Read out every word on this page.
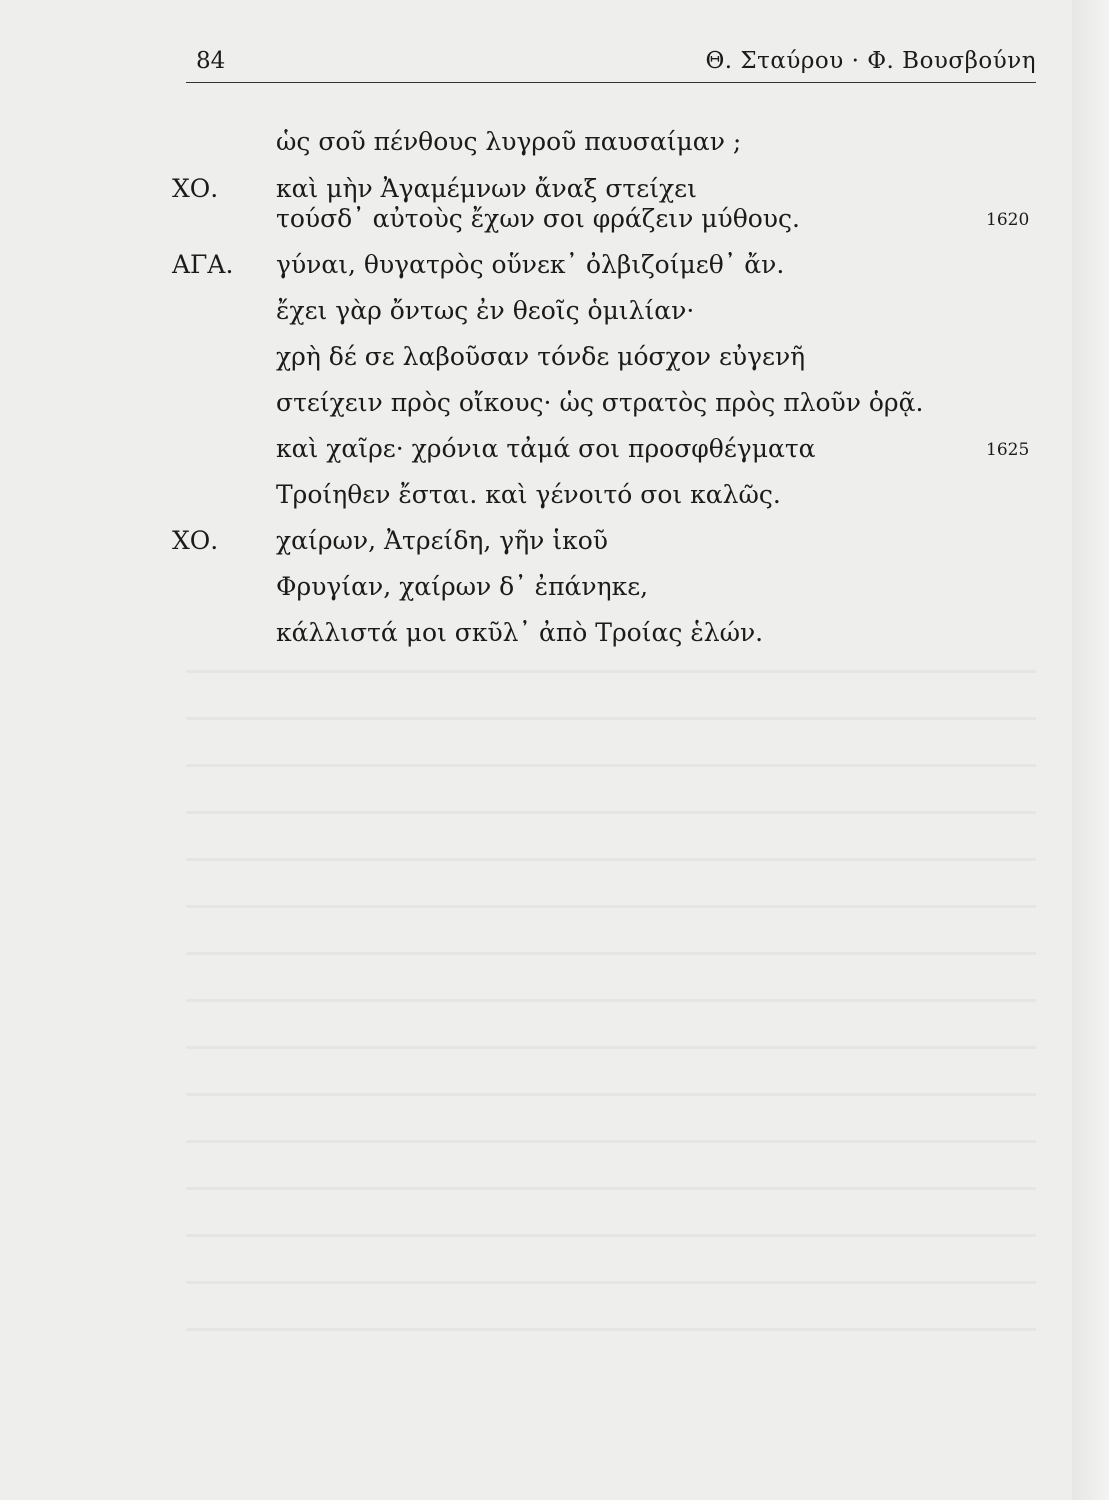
84	Θ. Σταύρου · Φ. Βουσβούνη
ὡς σοῦ πένθους λυγροῦ παυσαίμαν ;
ΧΟ. καὶ μὴν Ἀγαμέμνων ἄναξ στείχει
τούσδ᾽ αὐτοὺς ἔχων σοι φράζειν μύθους.	1620
ΑΓΑ. γύναι, θυγατρὸς οὕνεκ᾽ ὀλβιζοίμεθ᾽ ἄν.
ἔχει γὰρ ὄντως ἐν θεοῖς ὁμιλίαν·
χρὴ δέ σε λαβοῦσαν τόνδε μόσχον εὐγενῆ
στείχειν πρὸς οἴκους· ὡς στρατὸς πρὸς πλοῦν ὁρᾷ.
καὶ χαῖρε· χρόνια τἀμά σοι προσφθέγματα	1625
Τροίηθεν ἔσται. καὶ γένοιτό σοι καλῶς.
ΧΟ. χαίρων, Ἀτρείδη, γῆν ἱκοῦ
Φρυγίαν, χαίρων δ᾽ ἐπάνηκε,
κάλλιστά μοι σκῦλ᾽ ἀπὸ Τροίας ἑλών.
